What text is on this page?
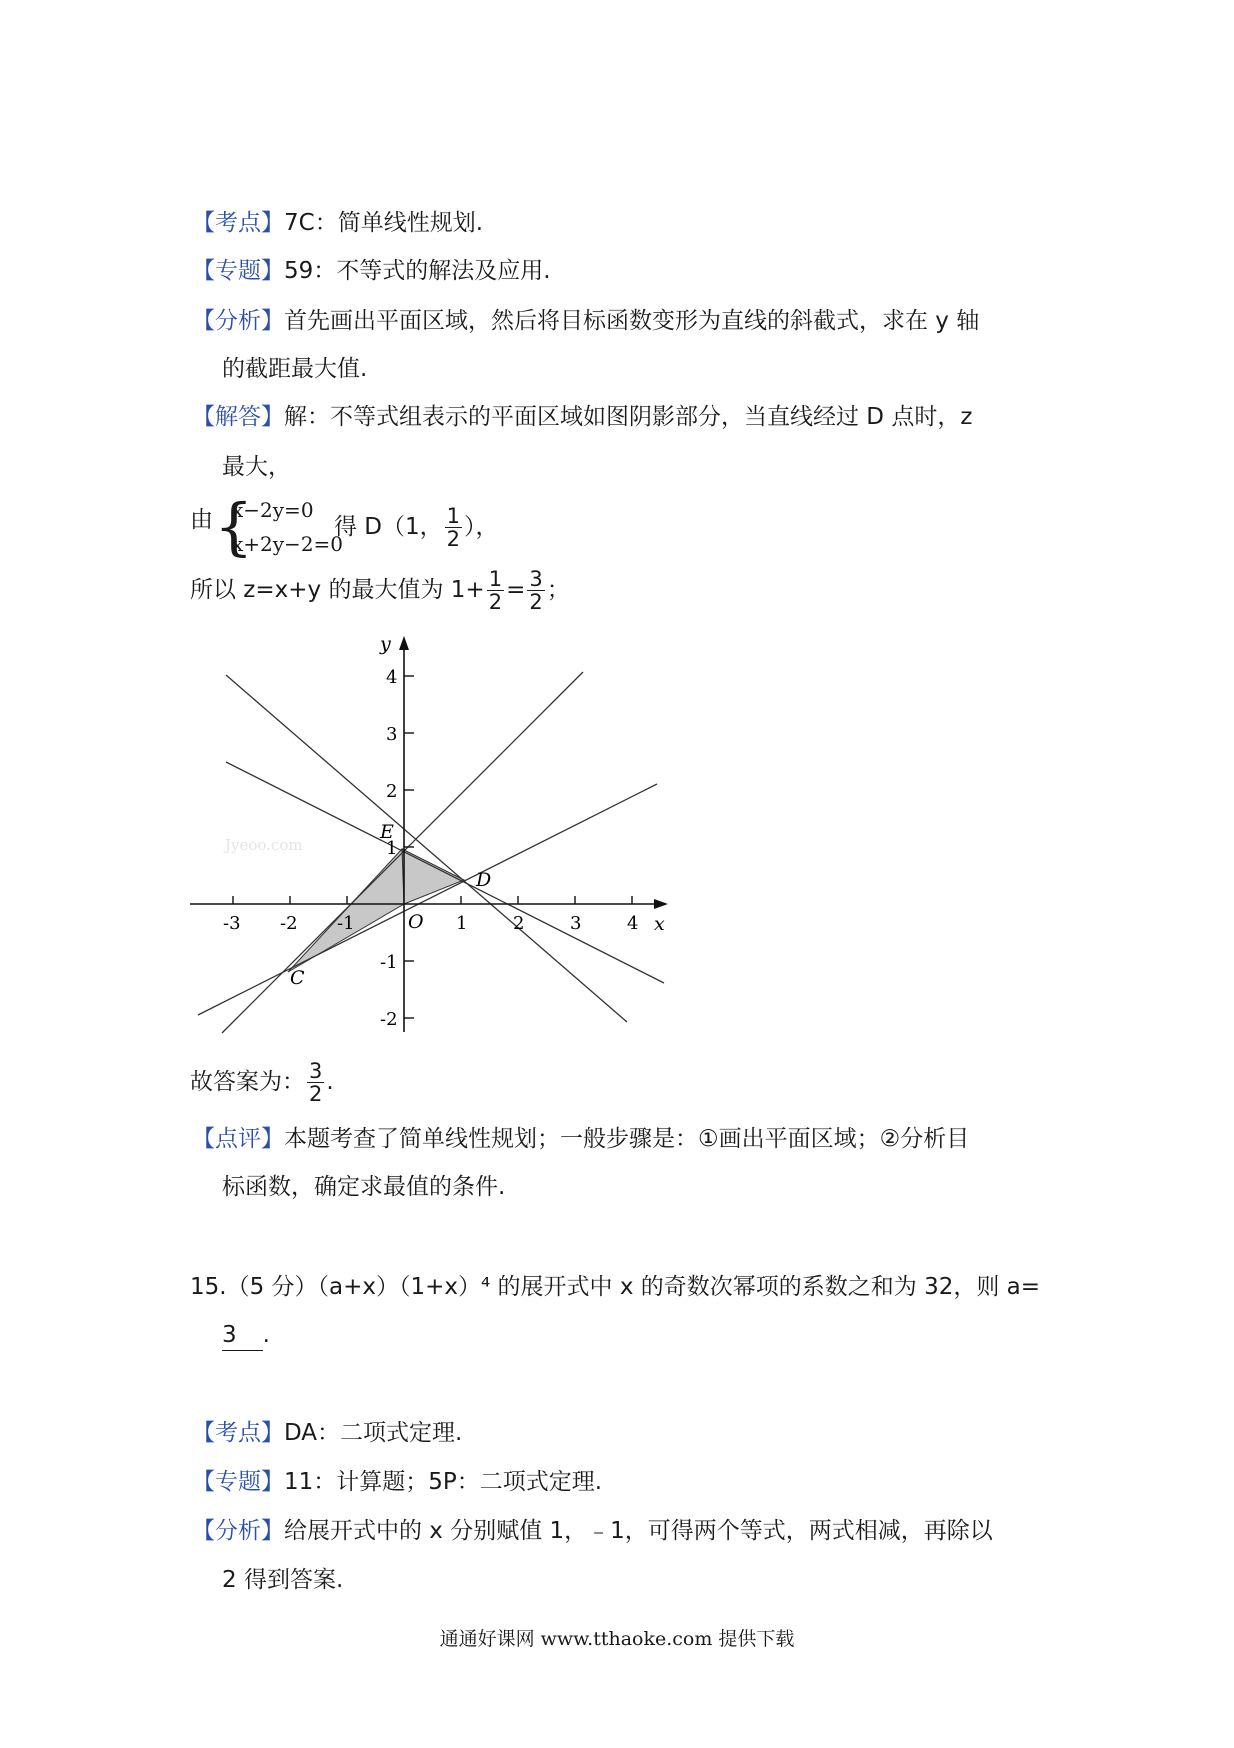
【考点】7C：简单线性规划.
【专题】59：不等式的解法及应用.
【分析】首先画出平面区域，然后将目标函数变形为直线的斜截式，求在 y 轴
的截距最大值.
【解答】解：不等式组表示的平面区域如图阴影部分，当直线经过 D 点时，z
最大，
由 {
x−2y=0
x+2y−2=0
得 D（1， $\frac{1}{2}$ ），
所以 z=x+y 的最大值为 $1+ \frac{1}{2} = \frac{3}{2}$ ；
Jyeoo.com
-3 -2 -1	1	2	3	4
4
3
2
1
-1
-2
x
y
O
E
D
C
故答案为： $\frac{3}{2}$ .
【点评】本题考查了简单线性规划；一般步骤是：①画出平面区域；②分析目
标函数，确定求最值的条件.
15.（5 分）（a+x）（1+x）⁴ 的展开式中 x 的奇数次幂项的系数之和为 32，则 a=
3 .
【考点】DA：二项式定理.
【专题】11：计算题；5P：二项式定理.
【分析】给展开式中的 x 分别赋值 1，﹣1，可得两个等式，两式相减，再除以
2 得到答案.
通通好课网 www.tthaoke.com 提供下载
